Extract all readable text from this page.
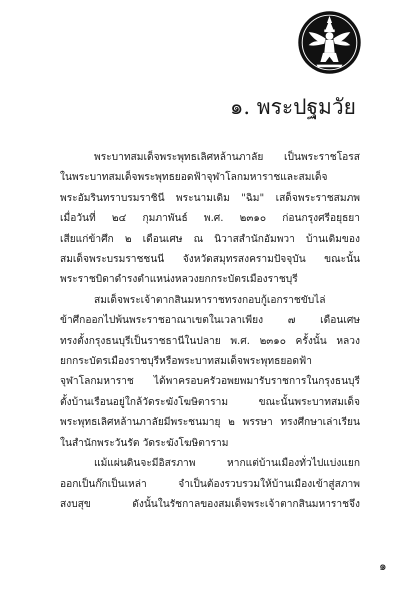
๑. พระปฐมวัย

พระบาทสมเด็จพระพุทธเลิศหล้านภาลัย เป็นพระราชโอรส
ในพระบาทสมเด็จพระพุทธยอดฟ้าจุฬาโลกมหาราชและสมเด็จ
พระอัมรินทราบรมราชินี พระนามเดิม "ฉิม" เสด็จพระราชสมภพ
เมื่อวันที่ ๒๔ กุมภาพันธ์ พ.ศ. ๒๓๑๐ ก่อนกรุงศรีอยุธยา
เสียแก่ข้าศึก ๒ เดือนเศษ ณ นิวาสสำนักอัมพวา บ้านเดิมของ
สมเด็จพระบรมราชชนนี จังหวัดสมุทรสงครามปัจจุบัน ขณะนั้น
พระราชบิดาดำรงตำแหน่งหลวงยกกระบัตรเมืองราชบุรี

สมเด็จพระเจ้าตากสินมหาราชทรงกอบกู้เอกราชขับไล่
ข้าศึกออกไปพ้นพระราชอาณาเขตในเวลาเพียง ๗ เดือนเศษ
ทรงตั้งกรุงธนบุรีเป็นราชธานีในปลาย พ.ศ. ๒๓๑๐ ครั้งนั้น หลวง
ยกกระบัตรเมืองราชบุรีหรือพระบาทสมเด็จพระพุทธยอดฟ้า
จุฬาโลกมหาราช ได้พาครอบครัวอพยพมารับราชการในกรุงธนบุรี
ตั้งบ้านเรือนอยู่ใกล้วัดระฆังโฆษิตาราม ขณะนั้นพระบาทสมเด็จ
พระพุทธเลิศหล้านภาลัยมีพระชนมายุ ๒ พรรษา ทรงศึกษาเล่าเรียน
ในสำนักพระวันรัต วัดระฆังโฆษิตาราม

แม้แผ่นดินจะมีอิสรภาพ หากแต่บ้านเมืองทั่วไปแบ่งแยก
ออกเป็นก๊กเป็นเหล่า จำเป็นต้องรวบรวมให้บ้านเมืองเข้าสู่สภาพ
สงบสุข ดังนั้นในรัชกาลของสมเด็จพระเจ้าตากสินมหาราชจึง

๑
